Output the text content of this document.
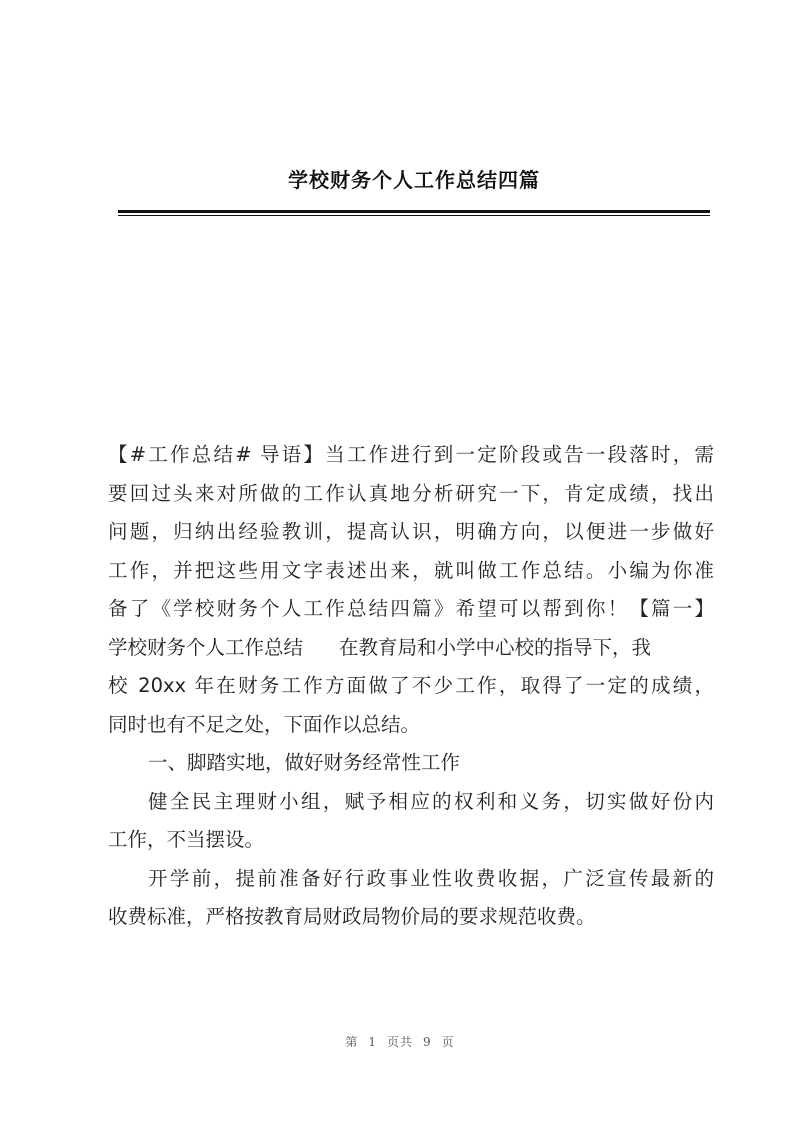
学校财务个人工作总结四篇
【#工作总结# 导语】当工作进行到一定阶段或告一段落时，需
要回过头来对所做的工作认真地分析研究一下，肯定成绩，找出
问题，归纳出经验教训，提高认识，明确方向，以便进一步做好
工作，并把这些用文字表述出来，就叫做工作总结。小编为你准
备了《学校财务个人工作总结四篇》希望可以帮到你！【篇一】
学校财务个人工作总结 在教育局和小学中心校的指导下，我
校 20xx 年在财务工作方面做了不少工作，取得了一定的成绩，
同时也有不足之处，下面作以总结。
一、脚踏实地，做好财务经常性工作
健全民主理财小组，赋予相应的权利和义务，切实做好份内
工作，不当摆设。
开学前，提前准备好行政事业性收费收据，广泛宣传最新的
收费标准，严格按教育局财政局物价局的要求规范收费。
第 1 页共 9 页
